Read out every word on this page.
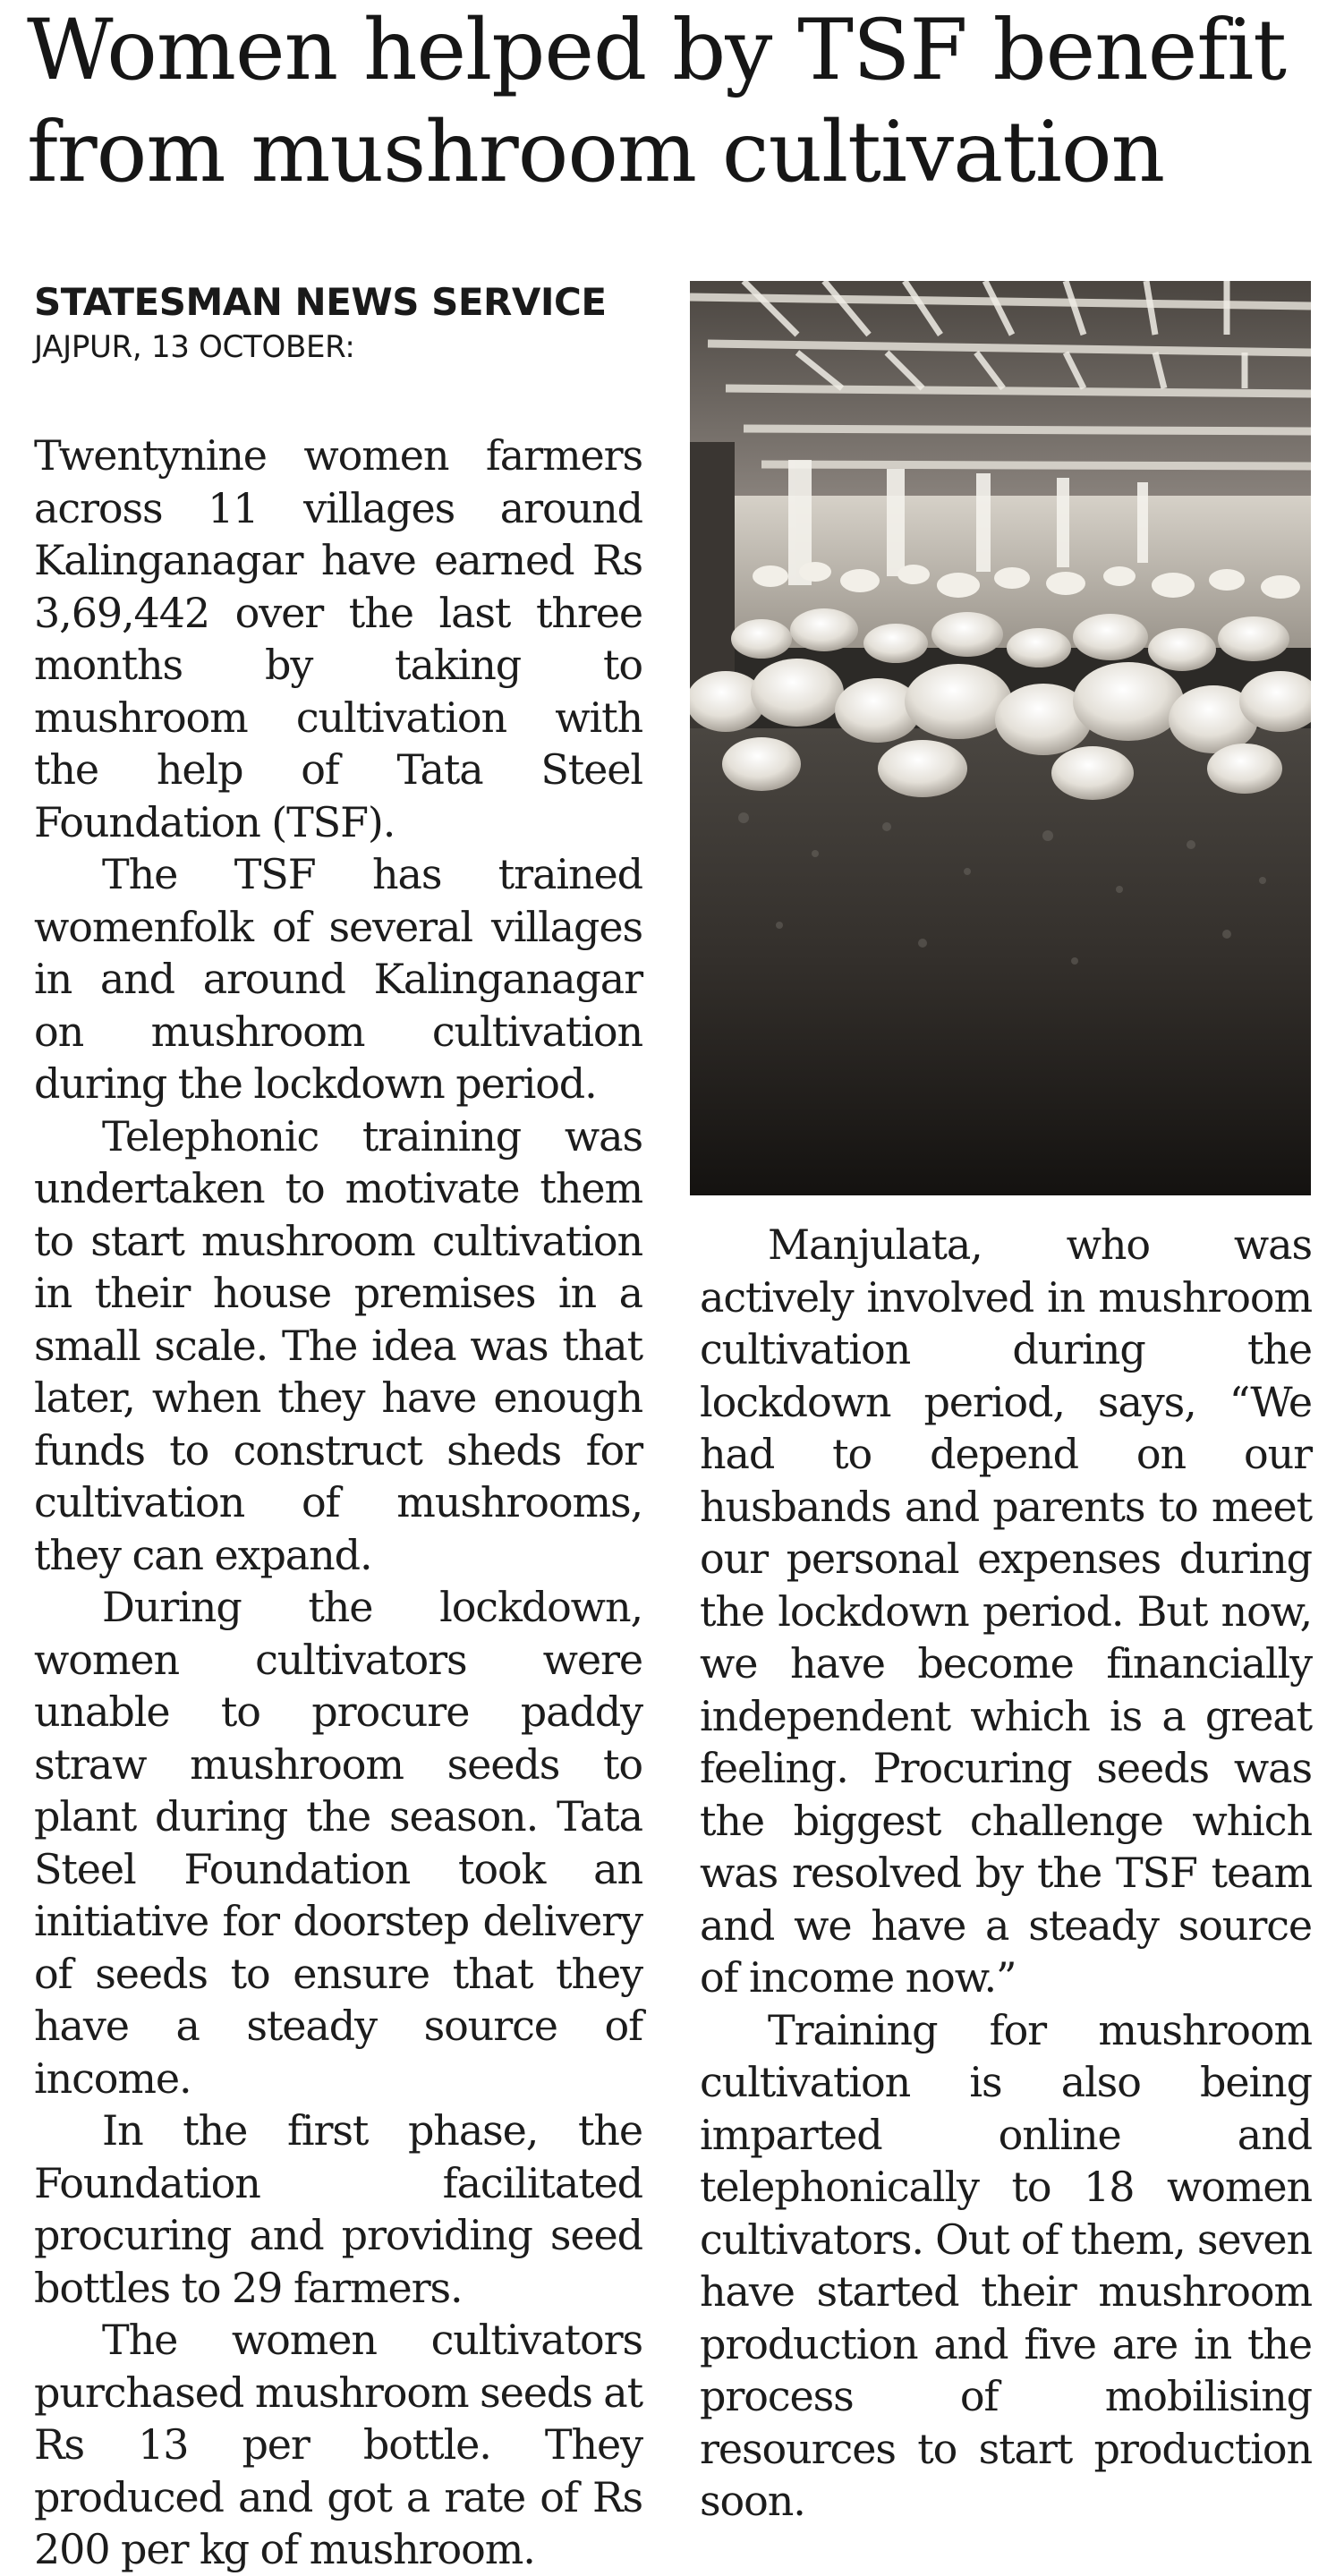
Women helped by TSF benefit from mushroom cultivation
STATESMAN NEWS SERVICE
JAJPUR, 13 OCTOBER:

Twentynine women farmers across 11 villages around Kalinganagar have earned Rs 3,69,442 over the last three months by taking to mushroom cultivation with the help of Tata Steel Foundation (TSF).

The TSF has trained womenfolk of several villages in and around Kalinganagar on mushroom cultivation during the lockdown period.

Telephonic training was undertaken to motivate them to start mushroom cultivation in their house premises in a small scale. The idea was that later, when they have enough funds to construct sheds for cultivation of mushrooms, they can expand.

During the lockdown, women cultivators were unable to procure paddy straw mushroom seeds to plant during the season. Tata Steel Foundation took an initiative for doorstep delivery of seeds to ensure that they have a steady source of income.

In the first phase, the Foundation facilitated procuring and providing seed bottles to 29 farmers.

The women cultivators purchased mushroom seeds at Rs 13 per bottle. They produced and got a rate of Rs 200 per kg of mushroom.

Manjulata, who was actively involved in mushroom cultivation during the lockdown period, says, “We had to depend on our husbands and parents to meet our personal expenses during the lockdown period. But now, we have become financially independent which is a great feeling. Procuring seeds was the biggest challenge which was resolved by the TSF team and we have a steady source of income now.”

Training for mushroom cultivation is also being imparted online and telephonically to 18 women cultivators. Out of them, seven have started their mushroom production and five are in the process of mobilising resources to start production soon.
